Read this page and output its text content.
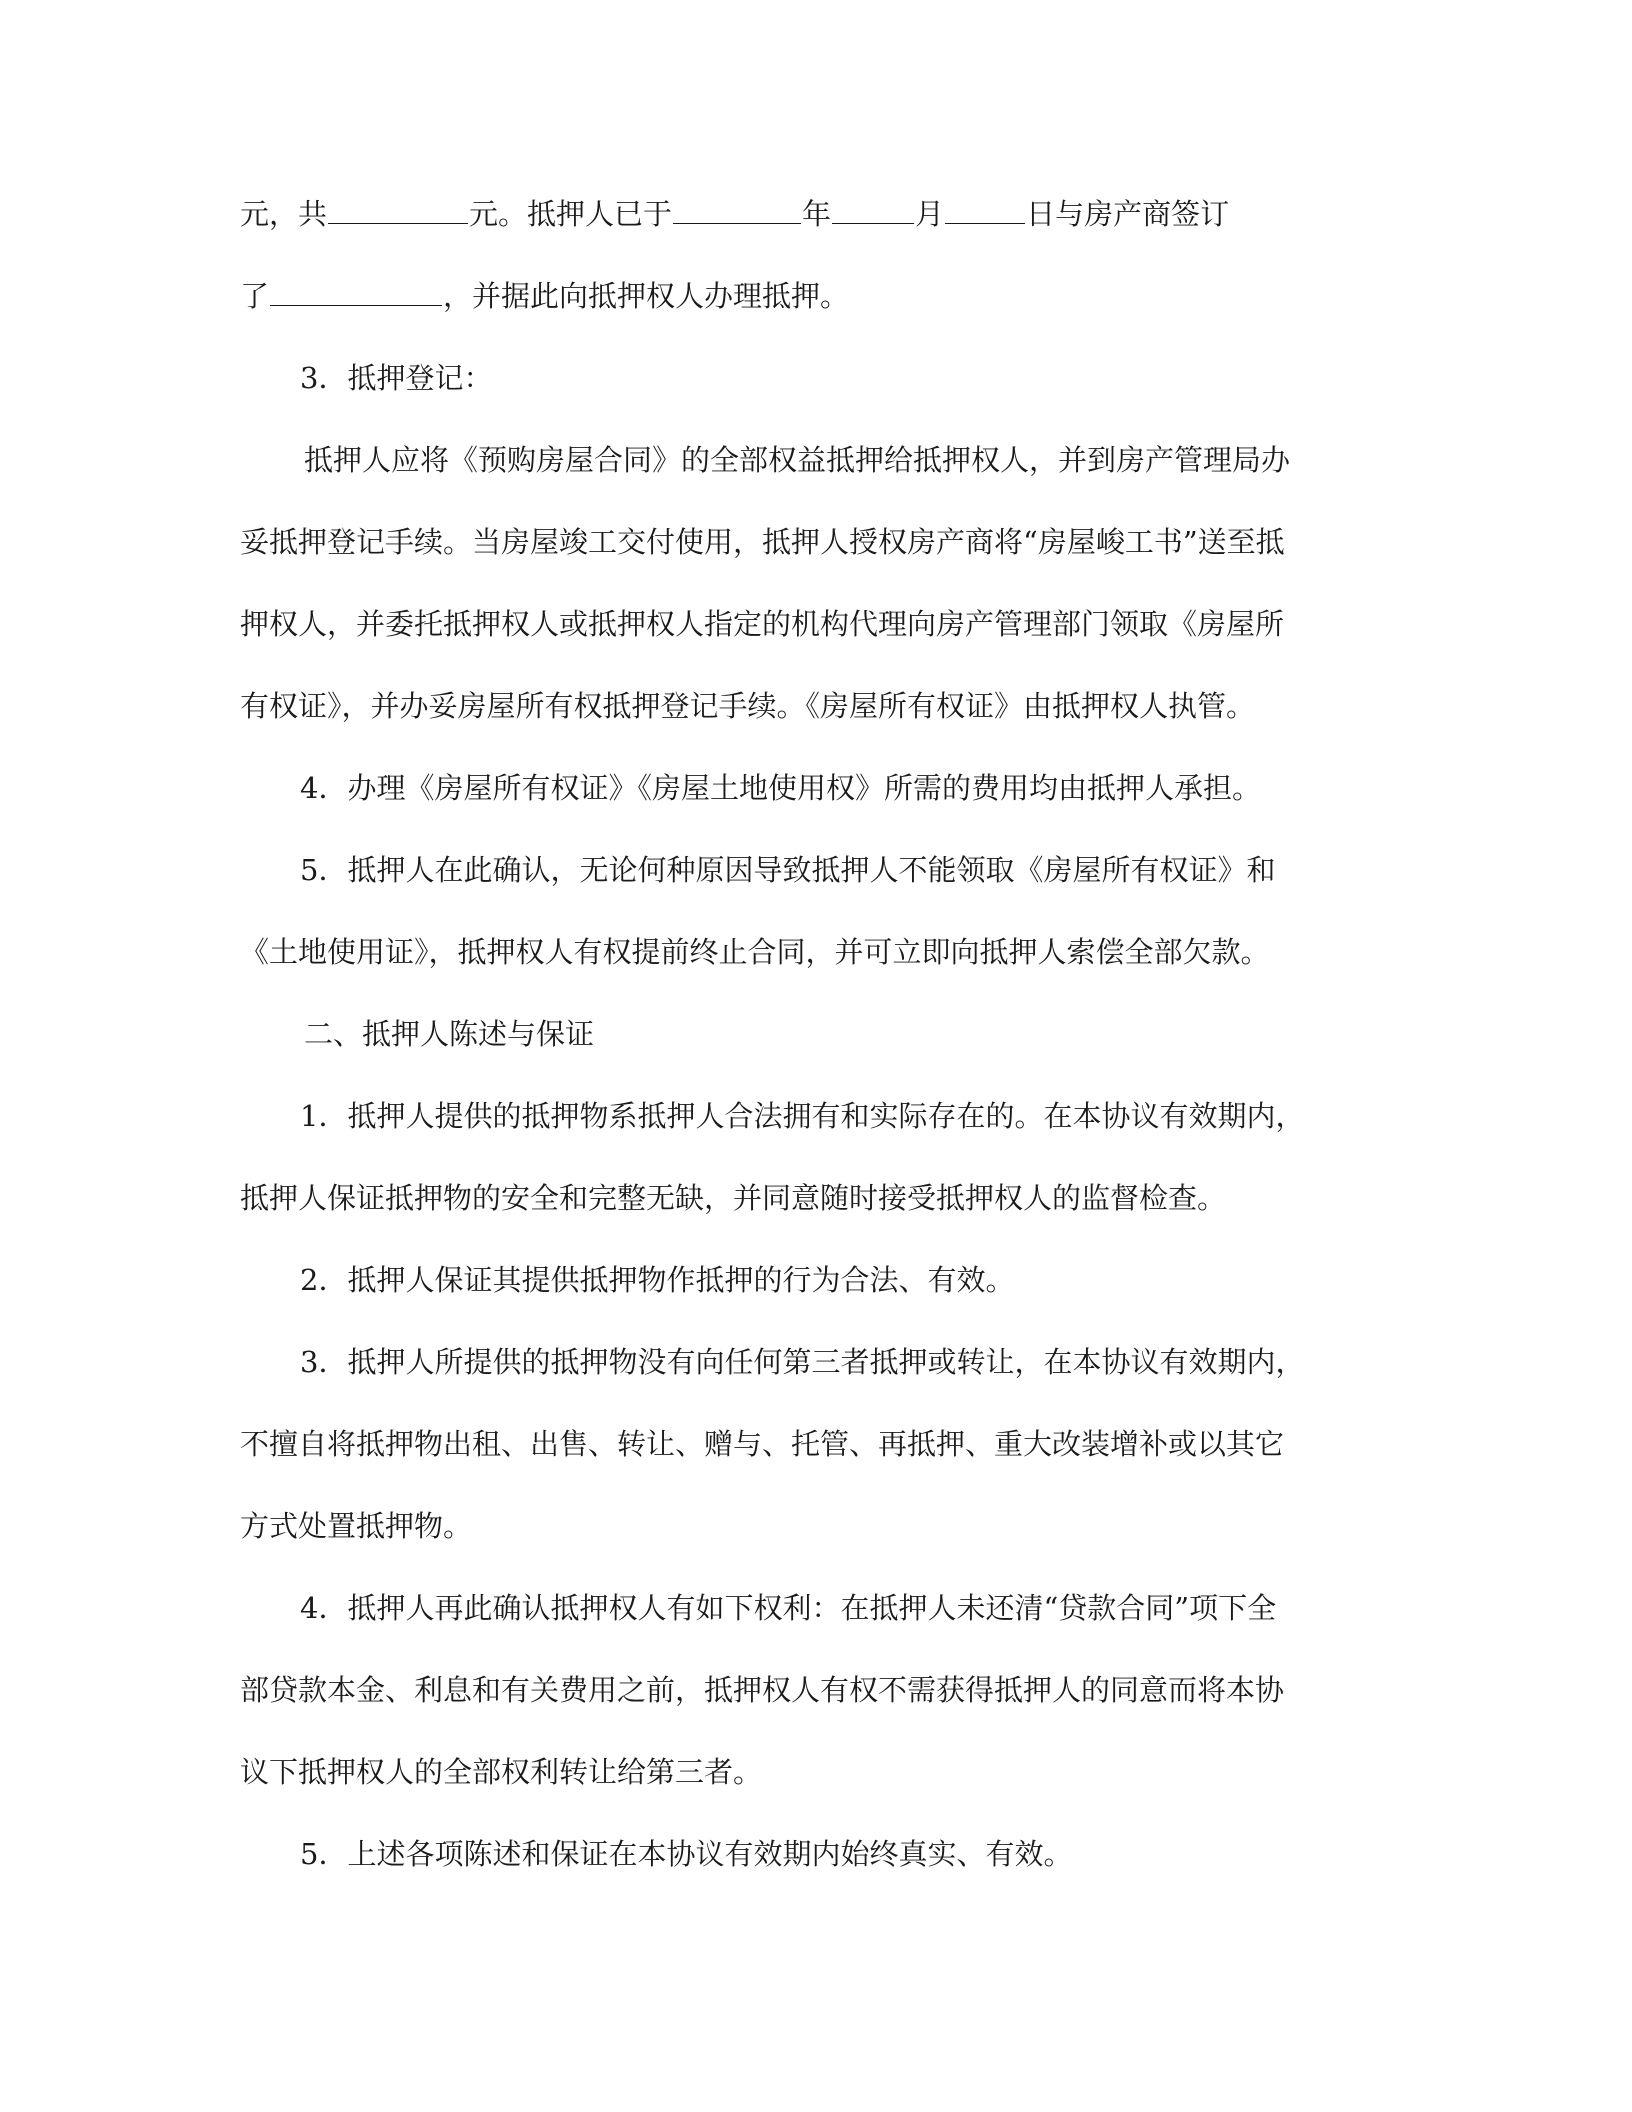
元，共	元。抵押人已于	年	月	日与房产商签订
了	，并据此向抵押权人办理抵押。
3．抵押登记：
抵押人应将《预购房屋合同》的全部权益抵押给抵押权人，并到房产管理局办
妥抵押登记手续。当房屋竣工交付使用，抵押人授权房产商将“房屋峻工书”送至抵
押权人，并委托抵押权人或抵押权人指定的机构代理向房产管理部门领取《房屋所
有权证》，并办妥房屋所有权抵押登记手续。《房屋所有权证》由抵押权人执管。
4．办理《房屋所有权证》《房屋土地使用权》所需的费用均由抵押人承担。
5．抵押人在此确认，无论何种原因导致抵押人不能领取《房屋所有权证》和
《土地使用证》，抵押权人有权提前终止合同，并可立即向抵押人索偿全部欠款。
二、抵押人陈述与保证
1．抵押人提供的抵押物系抵押人合法拥有和实际存在的。在本协议有效期内，
抵押人保证抵押物的安全和完整无缺，并同意随时接受抵押权人的监督检查。
2．抵押人保证其提供抵押物作抵押的行为合法、有效。
3．抵押人所提供的抵押物没有向任何第三者抵押或转让，在本协议有效期内，
不擅自将抵押物出租、出售、转让、赠与、托管、再抵押、重大改装增补或以其它
方式处置抵押物。
4．抵押人再此确认抵押权人有如下权利：在抵押人未还清“贷款合同”项下全
部贷款本金、利息和有关费用之前，抵押权人有权不需获得抵押人的同意而将本协
议下抵押权人的全部权利转让给第三者。
5．上述各项陈述和保证在本协议有效期内始终真实、有效。
